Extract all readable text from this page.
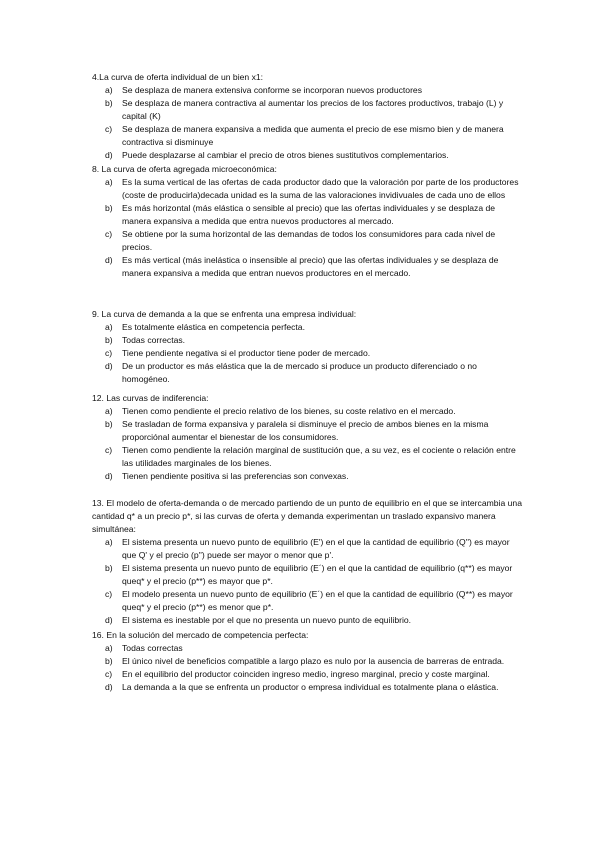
4.La curva de oferta individual de un bien x1:
a)	Se desplaza de manera extensiva conforme se incorporan nuevos productores
b)	Se desplaza de manera contractiva al aumentar los precios de los factores productivos, trabajo (L) y capital (K)
c)	Se desplaza de manera expansiva a medida que aumenta el precio de ese mismo bien y de manera contractiva si disminuye
d)	Puede desplazarse al cambiar el precio de otros bienes sustitutivos complementarios.
8. La curva de oferta agregada microeconómica:
a)	Es la suma vertical de las ofertas de cada productor dado que la valoración por parte de los productores (coste de producirla)decada unidad es la suma de las valoraciones invidivuales de cada uno de ellos
b)	Es más horizontal (más elástica o sensible al precio) que las ofertas individuales y se desplaza de manera expansiva a medida que entra nuevos productores al mercado.
c)	Se obtiene por la suma horizontal de las demandas de todos los consumidores para cada nivel de precios.
d)	Es más vertical (más inelástica o insensible al precio) que las ofertas individuales y se desplaza de manera expansiva a medida que entran nuevos productores en el mercado.
9. La curva de demanda a la que se enfrenta una empresa individual:
a)	Es totalmente elástica en competencia perfecta.
b)	Todas correctas.
c)	Tiene pendiente negativa si el productor tiene poder de mercado.
d)	De un productor es más elástica que la de mercado si produce un producto diferenciado o no homogéneo.
12. Las curvas de indiferencia:
a)	Tienen como pendiente el precio relativo de los bienes, su coste relativo en el mercado.
b)	Se trasladan de forma expansiva y paralela si disminuye el precio de ambos bienes en la misma proporciónal aumentar el bienestar de los consumidores.
c)	Tienen como pendiente la relación marginal de sustitución que, a su vez, es el cociente o relación entre las utilidades marginales de los bienes.
d)	Tienen pendiente positiva si las preferencias son convexas.
13. El modelo de oferta-demanda o de mercado partiendo de un punto de equilibrio en el que se intercambia una cantidad q* a un precio p*, si las curvas de oferta y demanda experimentan un traslado expansivo manera simultánea:
a)	El sistema presenta un nuevo punto de equilibrio (E') en el que la cantidad de equilibrio (Q'') es mayor que Q' y el precio (p'') puede ser mayor o menor que p'.
b)	El sistema presenta un nuevo punto de equilibrio (E´) en el que la cantidad de equilibrio (q**) es mayor queq* y el precio (p**) es mayor que p*.
c)	El modelo presenta un nuevo punto de equilibrio (E´) en el que la cantidad de equilibrio (Q**) es mayor queq* y el precio (p**) es menor que p*.
d)	El sistema es inestable por el que no presenta un nuevo punto de equilibrio.
16. En la solución del mercado de competencia perfecta:
a)	Todas correctas
b)	El único nivel de beneficios compatible a largo plazo es nulo por la ausencia de barreras de entrada.
c)	En el equilibrio del productor coinciden ingreso medio, ingreso marginal, precio y coste marginal.
d)	La demanda a la que se enfrenta un productor o empresa individual es totalmente plana o elástica.
